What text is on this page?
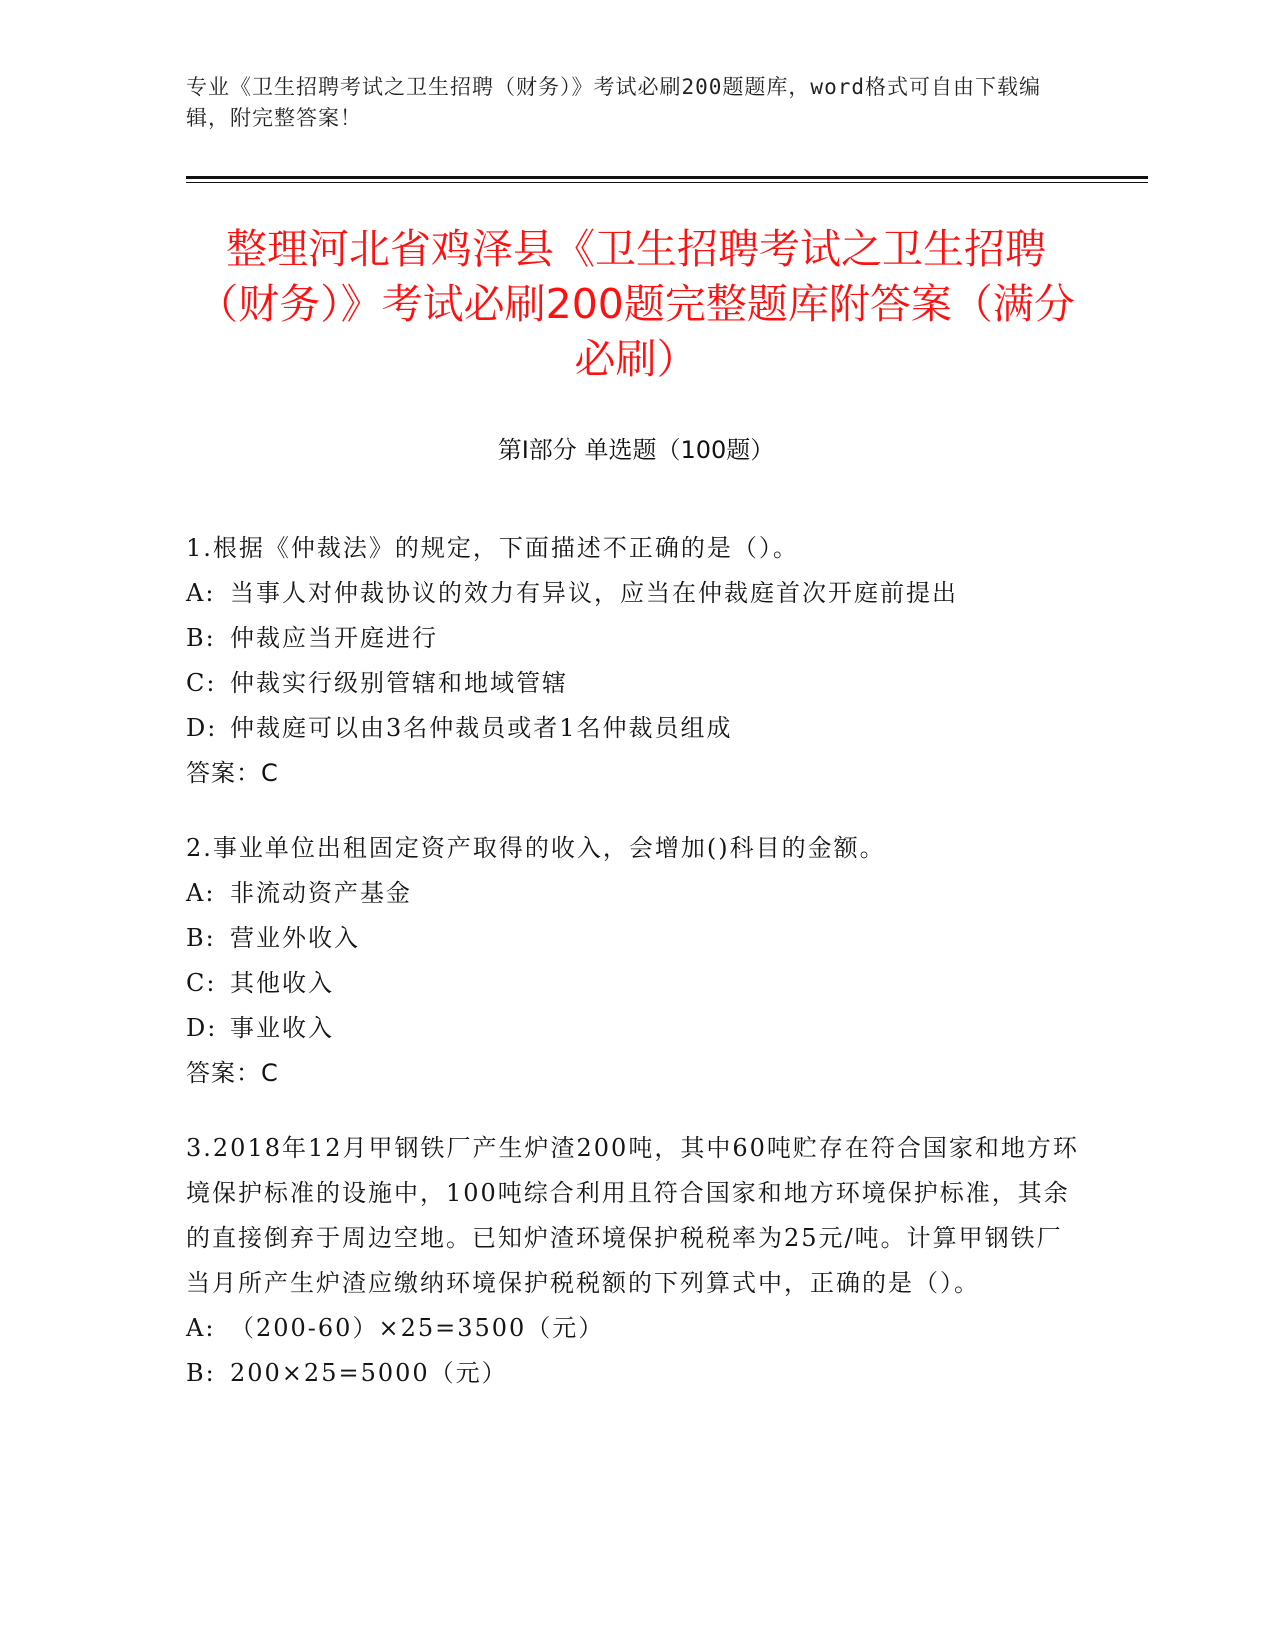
专业《卫生招聘考试之卫生招聘（财务）》考试必刷200题题库，word格式可自由下载编辑，附完整答案！
整理河北省鸡泽县《卫生招聘考试之卫生招聘（财务）》考试必刷200题完整题库附答案（满分必刷）
第Ⅰ部分 单选题（100题）
1.根据《仲裁法》的规定，下面描述不正确的是（）。
A: 当事人对仲裁协议的效力有异议，应当在仲裁庭首次开庭前提出
B: 仲裁应当开庭进行
C: 仲裁实行级别管辖和地域管辖
D: 仲裁庭可以由3名仲裁员或者1名仲裁员组成
答案：C
2.事业单位出租固定资产取得的收入，会增加()科目的金额。
A: 非流动资产基金
B: 营业外收入
C: 其他收入
D: 事业收入
答案：C
3.2018年12月甲钢铁厂产生炉渣200吨，其中60吨贮存在符合国家和地方环境保护标准的设施中，100吨综合利用且符合国家和地方环境保护标准，其余的直接倒弃于周边空地。已知炉渣环境保护税税率为25元/吨。计算甲钢铁厂当月所产生炉渣应缴纳环境保护税税额的下列算式中，正确的是（）。
A: （200-60）×25=3500（元）
B: 200×25=5000（元）
